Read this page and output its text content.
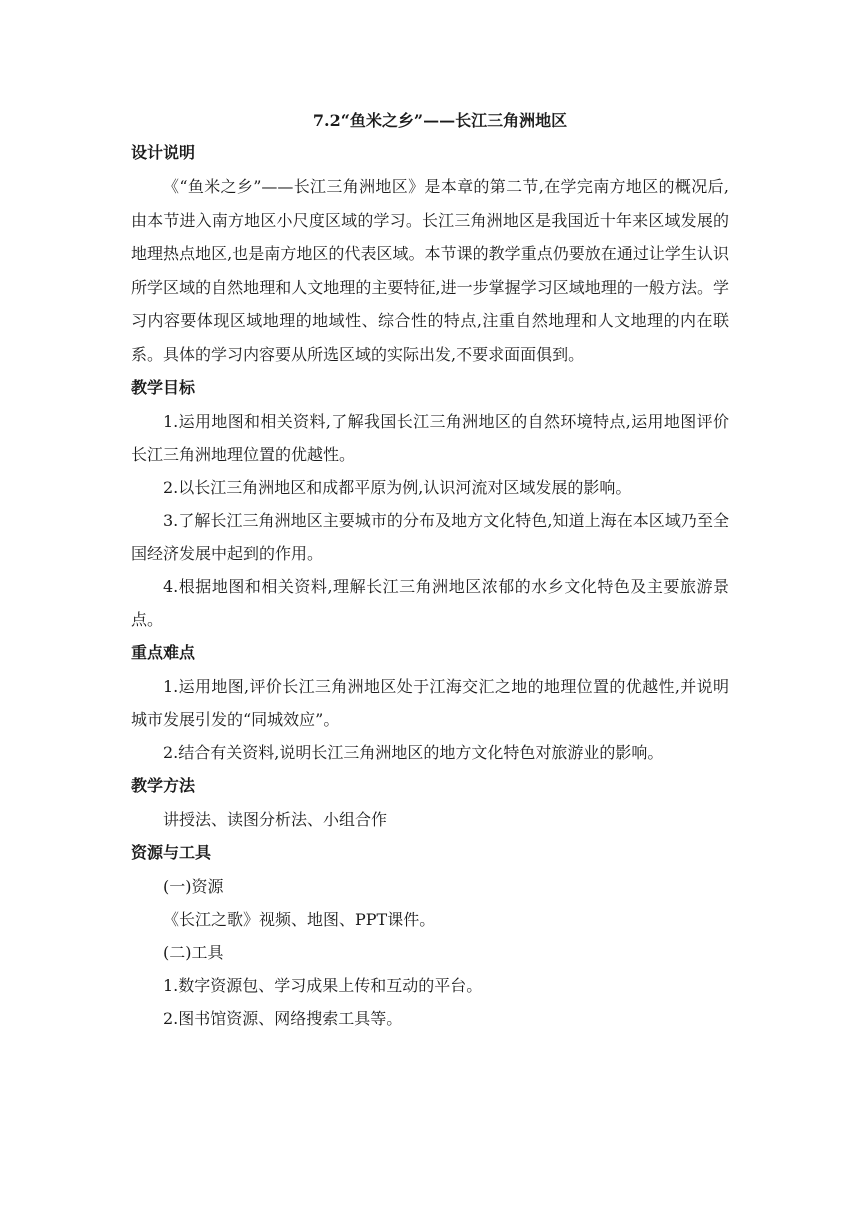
7.2“鱼米之乡”——长江三角洲地区
设计说明

《“鱼米之乡”——长江三角洲地区》是本章的第二节,在学完南方地区的概况后,由本节进入南方地区小尺度区域的学习。长江三角洲地区是我国近十年来区域发展的地理热点地区,也是南方地区的代表区域。本节课的教学重点仍要放在通过让学生认识所学区域的自然地理和人文地理的主要特征,进一步掌握学习区域地理的一般方法。学习内容要体现区域地理的地域性、综合性的特点,注重自然地理和人文地理的内在联系。具体的学习内容要从所选区域的实际出发,不要求面面俱到。

教学目标

1.运用地图和相关资料,了解我国长江三角洲地区的自然环境特点,运用地图评价长江三角洲地理位置的优越性。

2.以长江三角洲地区和成都平原为例,认识河流对区域发展的影响。

3.了解长江三角洲地区主要城市的分布及地方文化特色,知道上海在本区域乃至全国经济发展中起到的作用。

4.根据地图和相关资料,理解长江三角洲地区浓郁的水乡文化特色及主要旅游景点。

重点难点

1.运用地图,评价长江三角洲地区处于江海交汇之地的地理位置的优越性,并说明城市发展引发的“同城效应”。

2.结合有关资料,说明长江三角洲地区的地方文化特色对旅游业的影响。

教学方法

讲授法、读图分析法、小组合作

资源与工具

(一)资源

《长江之歌》视频、地图、PPT课件。

(二)工具

1.数字资源包、学习成果上传和互动的平台。

2.图书馆资源、网络搜索工具等。
